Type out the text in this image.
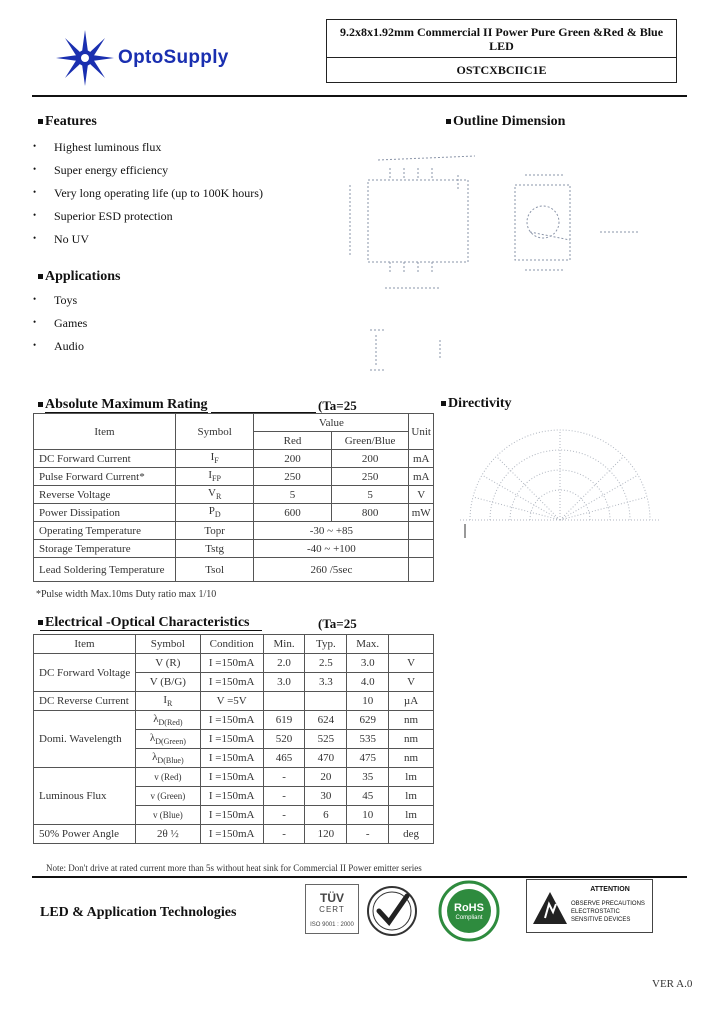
OptoSupply
9.2x8x1.92mm Commercial II Power Pure Green &Red & Blue LED
OSTCXBCIIC1E
Features
• Highest luminous flux
• Super energy efficiency
• Very long operating life (up to 100K hours)
• Superior ESD protection
• No UV
Applications
• Toys
• Games
• Audio
Outline Dimension
Absolute Maximum Rating	(Ta=25
Item	Symbol	Value		Unit
		Red	Green/Blue	
DC Forward Current	$I_F$	200	200	mA
Pulse Forward Current*	$I_{FP}$	250	250	mA
Reverse Voltage	$V_R$	5	5	V
Power Dissipation	$P_D$	600	800	mW
Operating Temperature	Topr	-30 ~ +85		
Storage Temperature	Tstg	-40 ~ +100		
Lead Soldering Temperature	Tsol	260 /5sec		
*Pulse width Max.10ms Duty ratio max 1/10
Directivity
Electrical -Optical Characteristics	(Ta=25
Item	Symbol	Condition	Min.	Typ.	Max.	
DC Forward Voltage	V (R)	I =150mA	2.0	2.5	3.0	V
	V (B/G)	I =150mA	3.0	3.3	4.0	V
DC Reverse Current	$I_R$	V =5V			10	µA
Domi. Wavelength	$\lambda_{D(Red)}$	I =150mA	619	624	629	nm
	$\lambda_{D(Green)}$	I =150mA	520	525	535	nm
	$\lambda_{D(Blue)}$	I =150mA	465	470	475	nm
Luminous Flux	v (Red)	I =150mA	-	20	35	lm
	v (Green)	I =150mA	-	30	45	lm
	v (Blue)	I =150mA	-	6	10	lm
50% Power Angle	2θ ½	I =150mA	-	120	-	deg
Note: Don't drive at rated current more than 5s without heat sink for Commercial II Power emitter series
LED & Application Technologies
TÜV
CERT
ISO 9001 : 2000
RoHS
Compliant
ATTENTION
OBSERVE PRECAUTIONS
ELECTROSTATIC
SENSITIVE DEVICES
VER A.0
